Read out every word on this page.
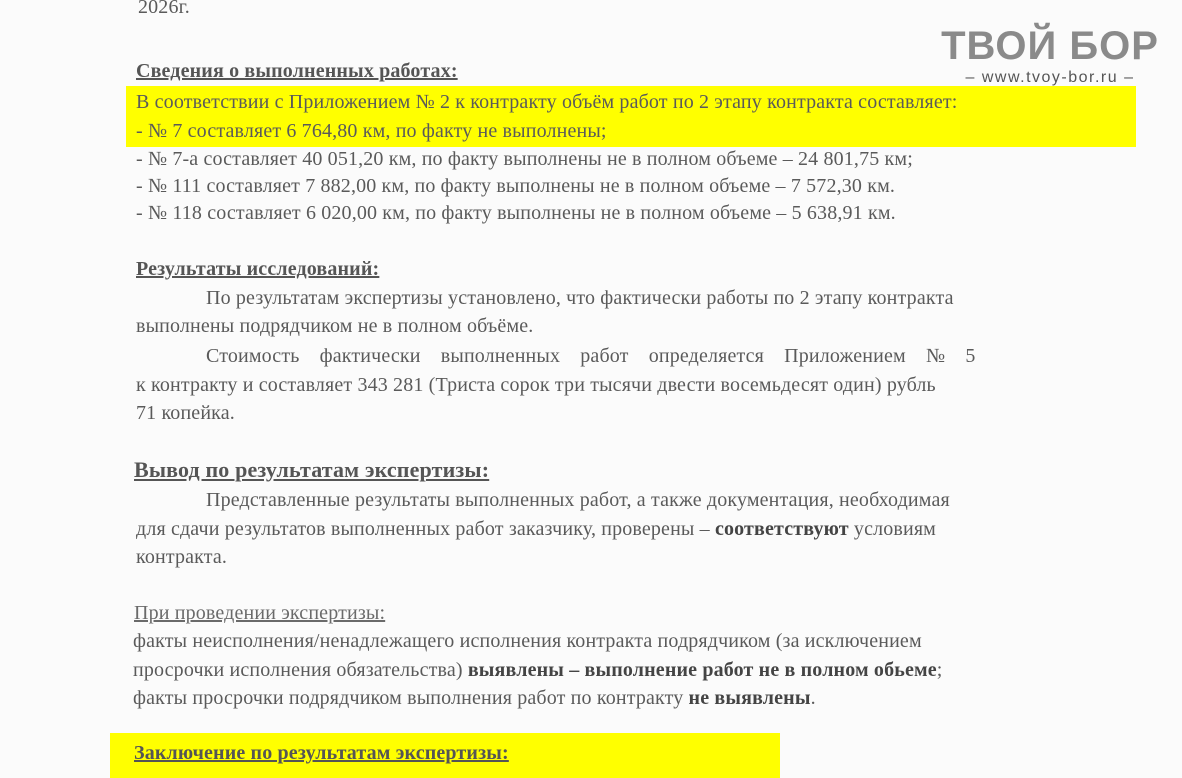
2026г.
Сведения о выполненных работах:
В соответствии с Приложением № 2 к контракту объём работ по 2 этапу контракта составляет:
- № 7 составляет 6 764,80 км, по факту не выполнены;
- № 7-а составляет 40 051,20 км, по факту выполнены не в полном объеме – 24 801,75 км;
- № 111 составляет 7 882,00 км, по факту выполнены не в полном объеме – 7 572,30 км.
- № 118 составляет 6 020,00 км, по факту выполнены не в полном объеме – 5 638,91 км.
Результаты исследований:
По результатам экспертизы установлено, что фактически работы по 2 этапу контракта
выполнены подрядчиком не в полном объёме.
Стоимость фактически выполненных работ определяется Приложением № 5
к контракту и составляет 343 281 (Триста сорок три тысячи двести восемьдесят один) рубль
71 копейка.
Вывод по результатам экспертизы:
Представленные результаты выполненных работ, а также документация, необходимая
для сдачи результатов выполненных работ заказчику, проверены – соответствуют условиям
контракта.
При проведении экспертизы:
факты неисполнения/ненадлежащего исполнения контракта подрядчиком (за исключением
просрочки исполнения обязательства) выявлены – выполнение работ не в полном обьеме;
факты просрочки подрядчиком выполнения работ по контракту не выявлены.
Заключение по результатам экспертизы:
ТВОЙ БОР
– www.tvoy-bor.ru –
